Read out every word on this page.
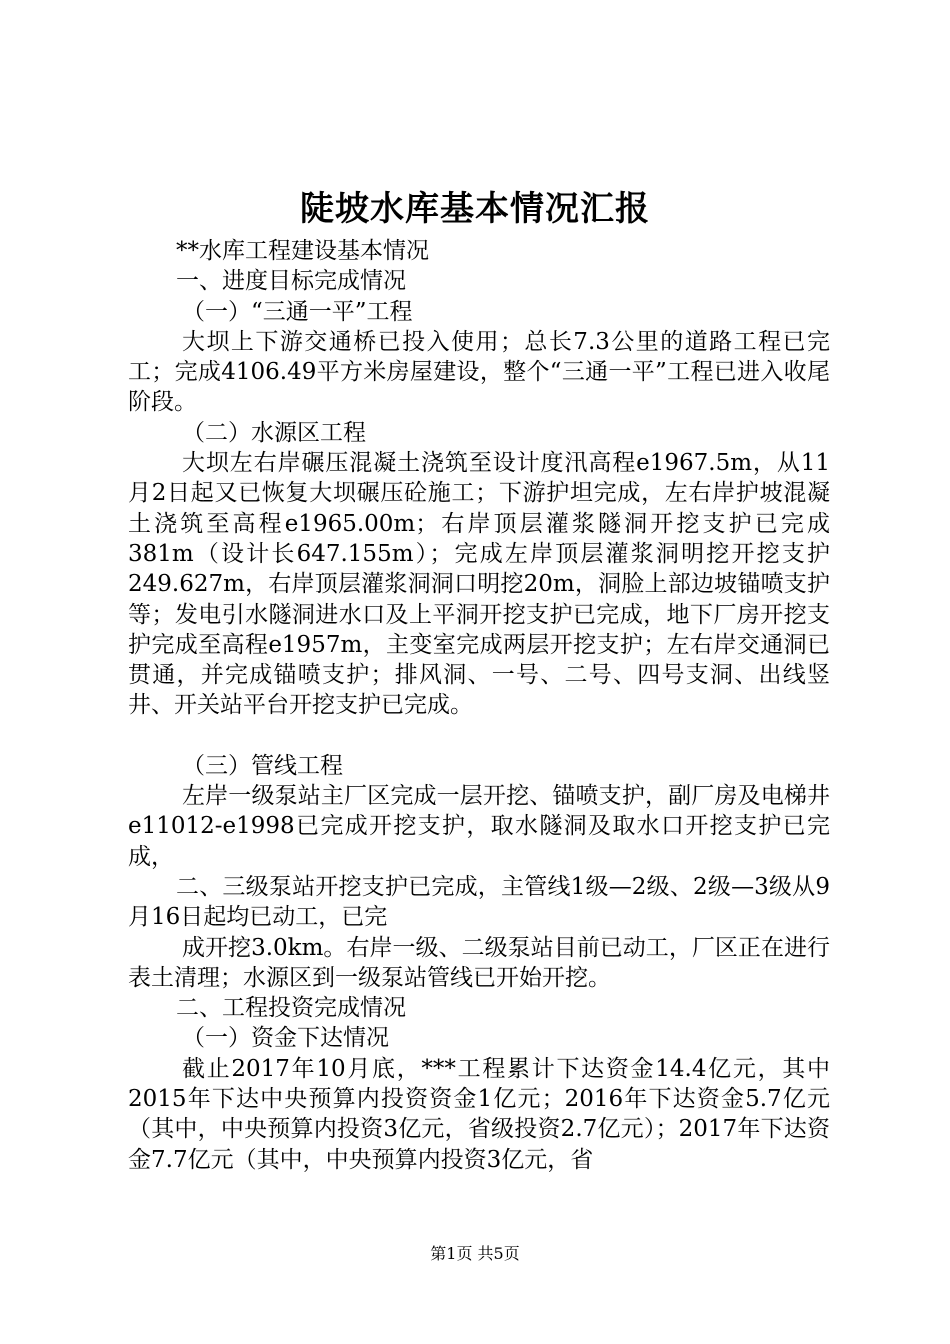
陡坡水库基本情况汇报

**水库工程建设基本情况

一、进度目标完成情况

（一）“三通一平”工程

大坝上下游交通桥已投入使用；总长7.3公里的道路工程已完工；完成4106.49平方米房屋建设，整个“三通一平”工程已进入收尾阶段。

（二）水源区工程

大坝左右岸碾压混凝土浇筑至设计度汛高程e1967.5m，从11月2日起又已恢复大坝碾压砼施工；下游护坦完成，左右岸护坡混凝土浇筑至高程e1965.00m；右岸顶层灌浆隧洞开挖支护已完成381m（设计长647.155m）；完成左岸顶层灌浆洞明挖开挖支护249.627m，右岸顶层灌浆洞洞口明挖20m，洞脸上部边坡锚喷支护等；发电引水隧洞进水口及上平洞开挖支护已完成，地下厂房开挖支护完成至高程e1957m，主变室完成两层开挖支护；左右岸交通洞已贯通，并完成锚喷支护；排风洞、一号、二号、四号支洞、出线竖井、开关站平台开挖支护已完成。

（三）管线工程

左岸一级泵站主厂区完成一层开挖、锚喷支护，副厂房及电梯井e11012-e1998已完成开挖支护，取水隧洞及取水口开挖支护已完成，

二、三级泵站开挖支护已完成，主管线1级—2级、2级—3级从9月16日起均已动工，已完

成开挖3.0km。右岸一级、二级泵站目前已动工，厂区正在进行表土清理；水源区到一级泵站管线已开始开挖。

二、工程投资完成情况

（一）资金下达情况

截止2017年10月底，***工程累计下达资金14.4亿元，其中2015年下达中央预算内投资资金1亿元；2016年下达资金5.7亿元（其中，中央预算内投资3亿元，省级投资2.7亿元）；2017年下达资金7.7亿元（其中，中央预算内投资3亿元，省

第1页 共5页
